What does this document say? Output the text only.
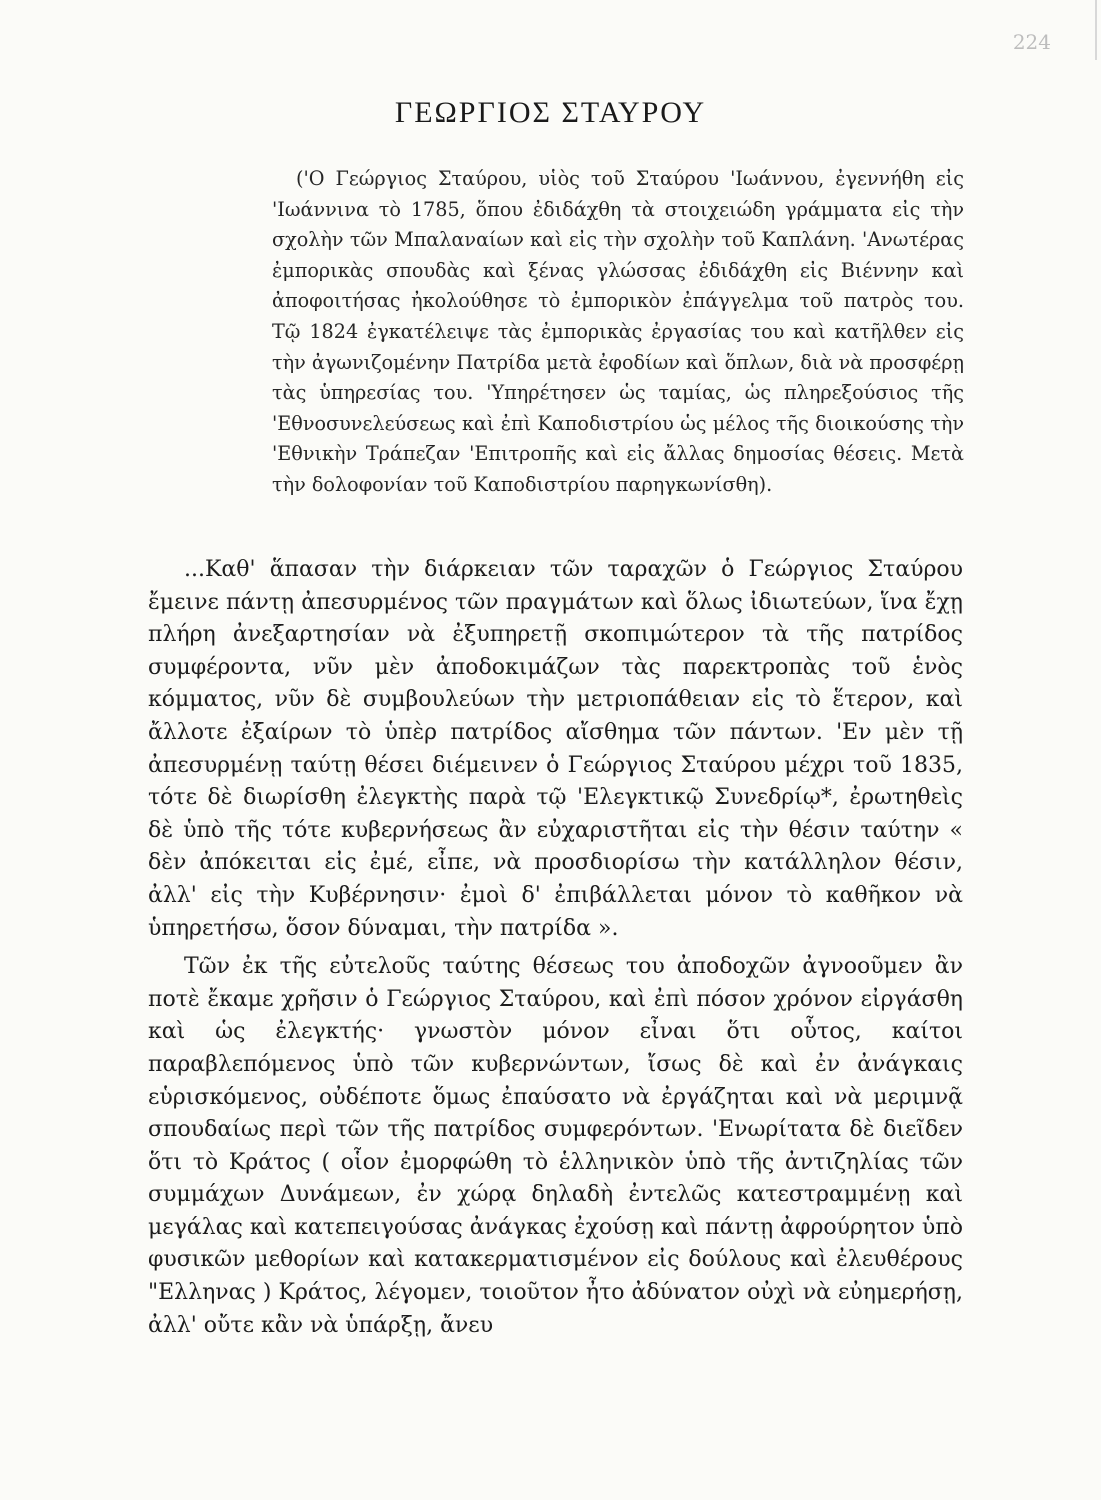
224
ΓΕΩΡΓΙΟΣ ΣΤΑΥΡΟΥ

('Ο Γεώργιος Σταύρου, υἱὸς τοῦ Σταύρου 'Ιωάννου, ἐγεννήθη εἰς 'Ιωάννινα τὸ 1785, ὅπου ἐδιδάχθη τὰ στοιχειώδη γράμματα εἰς τὴν σχολὴν τῶν Μπαλαναίων καὶ εἰς τὴν σχολὴν τοῦ Καπλάνη. 'Ανωτέρας ἐμπορικὰς σπουδὰς καὶ ξένας γλώσσας ἐδιδάχθη εἰς Βιέννην καὶ ἀποφοιτήσας ἠκολούθησε τὸ ἐμπορικὸν ἐπάγγελμα τοῦ πατρὸς του. Τῷ 1824 ἐγκατέλειψε τὰς ἐμπορικὰς ἐργασίας του καὶ κατῆλθεν εἰς τὴν ἀγωνιζομένην Πατρίδα μετὰ ἐφοδίων καὶ ὅπλων, διὰ νὰ προσφέρῃ τὰς ὑπηρεσίας του. 'Υπηρέτησεν ὡς ταμίας, ὡς πληρεξούσιος τῆς 'Εθνοσυνελεύσεως καὶ ἐπὶ Καποδιστρίου ὡς μέλος τῆς διοικούσης τὴν 'Εθνικὴν Τράπεζαν 'Επιτροπῆς καὶ εἰς ἄλλας δημοσίας θέσεις. Μετὰ τὴν δολοφονίαν τοῦ Καποδιστρίου παρηγκωνίσθη).

...Καθ' ἅπασαν τὴν διάρκειαν τῶν ταραχῶν ὁ Γεώργιος Σταύρου ἔμεινε πάντῃ ἀπεσυρμένος τῶν πραγμάτων καὶ ὅλως ἰδιωτεύων, ἵνα ἔχῃ πλήρη ἀνεξαρτησίαν νὰ ἐξυπηρετῇ σκοπιμώτερον τὰ τῆς πατρίδος συμφέροντα, νῦν μὲν ἀποδοκιμάζων τὰς παρεκτροπὰς τοῦ ἑνὸς κόμματος, νῦν δὲ συμβουλεύων τὴν μετριοπάθειαν εἰς τὸ ἕτερον, καὶ ἄλλοτε ἐξαίρων τὸ ὑπὲρ πατρίδος αἴσθημα τῶν πάντων. 'Εν μὲν τῇ ἀπεσυρμένῃ ταύτῃ θέσει διέμεινεν ὁ Γεώργιος Σταύρου μέχρι τοῦ 1835, τότε δὲ διωρίσθη ἐλεγκτὴς παρὰ τῷ 'Ελεγκτικῷ Συνεδρίῳ*, ἐρωτηθεὶς δὲ ὑπὸ τῆς τότε κυβερνήσεως ἂν εὐχαριστῆται εἰς τὴν θέσιν ταύτην « δὲν ἀπόκειται εἰς ἐμέ, εἶπε, νὰ προσδιορίσω τὴν κατάλληλον θέσιν, ἀλλ' εἰς τὴν Κυβέρνησιν· ἐμοὶ δ' ἐπιβάλλεται μόνον τὸ καθῆκον νὰ ὑπηρετήσω, ὅσον δύναμαι, τὴν πατρίδα ».

Τῶν ἐκ τῆς εὐτελοῦς ταύτης θέσεως του ἀποδοχῶν ἀγνοοῦμεν ἂν ποτὲ ἔκαμε χρῆσιν ὁ Γεώργιος Σταύρου, καὶ ἐπὶ πόσον χρόνον εἰργάσθη καὶ ὡς ἐλεγκτής· γνωστὸν μόνον εἶναι ὅτι οὗτος, καίτοι παραβλεπόμενος ὑπὸ τῶν κυβερνώντων, ἴσως δὲ καὶ ἐν ἀνάγκαις εὑρισκόμενος, οὐδέποτε ὅμως ἐπαύσατο νὰ ἐργάζηται καὶ νὰ μεριμνᾷ σπουδαίως περὶ τῶν τῆς πατρίδος συμφερόντων. 'Ενωρίτατα δὲ διεῖδεν ὅτι τὸ Κράτος ( οἷον ἐμορφώθη τὸ ἑλληνικὸν ὑπὸ τῆς ἀντιζηλίας τῶν συμμάχων Δυνάμεων, ἐν χώρᾳ δηλαδὴ ἐντελῶς κατεστραμμένῃ καὶ μεγάλας καὶ κατεπειγούσας ἀνάγκας ἐχούσῃ καὶ πάντῃ ἀφρούρητον ὑπὸ φυσικῶν μεθορίων καὶ κατακερματισμένον εἰς δούλους καὶ ἐλευθέρους "Ελληνας ) Κράτος, λέγομεν, τοιοῦτον ἦτο ἀδύνατον οὐχὶ νὰ εὐημερήσῃ, ἀλλ' οὔτε κἂν νὰ ὑπάρξῃ, ἄνευ
